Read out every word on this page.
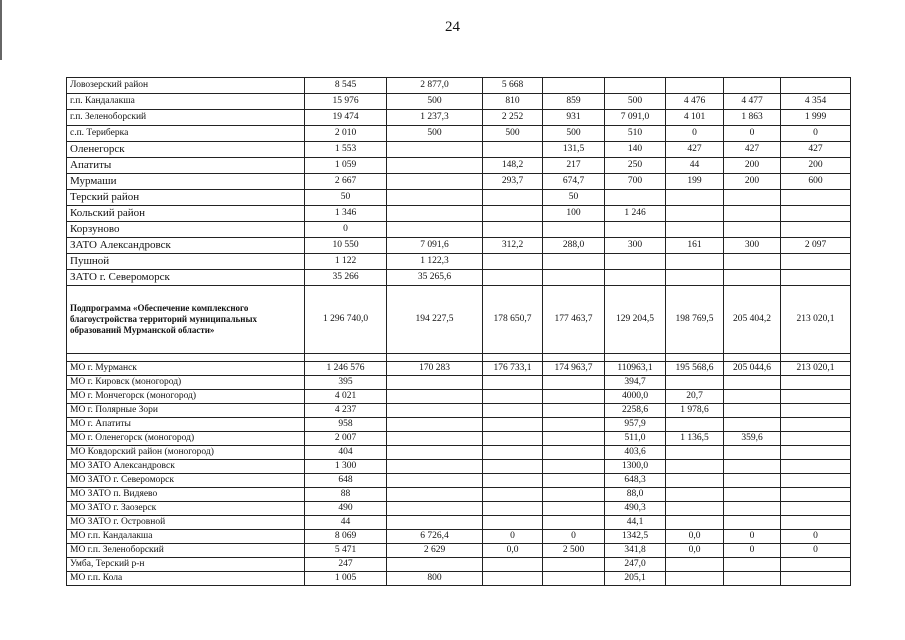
24
Ловозерский район	8 545	2 877,0	5 668					
г.п. Кандалакша	15 976	500	810	859	500	4 476	4 477	4 354
г.п. Зеленоборский	19 474	1 237,3	2 252	931	7 091,0	4 101	1 863	1 999
с.п. Териберка	2 010	500	500	500	510	0	0	0
Оленегорск	1 553			131,5	140	427	427	427
Апатиты	1 059		148,2	217	250	44	200	200
Мурмаши	2 667		293,7	674,7	700	199	200	600
Терский район	50			50				
Кольский район	1 346			100	1 246			
Корзуново	0							
ЗАТО Александровск	10 550	7 091,6	312,2	288,0	300	161	300	2 097
Пушной	1 122	1 122,3						
ЗАТО г. Североморск	35 266	35 265,6						
Подпрограмма «Обеспечение комплексного благоустройства территорий муниципальных образований Мурманской области»	1 296 740,0	194 227,5	178 650,7	177 463,7	129 204,5	198 769,5	205 404,2	213 020,1

МО г. Мурманск	1 246 576	170 283	176 733,1	174 963,7	110963,1	195 568,6	205 044,6	213 020,1
МО г. Кировск (моногород)	395				394,7			
МО г. Мончегорск (моногород)	4 021				4000,0	20,7		
МО г. Полярные Зори	4 237				2258,6	1 978,6		
МО г. Апатиты	958				957,9			
МО г. Оленегорск (моногород)	2 007				511,0	1 136,5	359,6	
МО Ковдорский район (моногород)	404				403,6			
МО ЗАТО Александровск	1 300				1300,0			
МО ЗАТО г. Североморск	648				648,3			
МО ЗАТО п. Видяево	88				88,0			
МО ЗАТО г. Заозерск	490				490,3			
МО ЗАТО г. Островной	44				44,1			
МО г.п. Кандалакша	8 069	6 726,4	0	0	1342,5	0,0	0	0
МО г.п. Зеленоборский	5 471	2 629	0,0	2 500	341,8	0,0	0	0
Умба, Терский р-н	247				247,0			
МО г.п. Кола	1 005	800			205,1			
